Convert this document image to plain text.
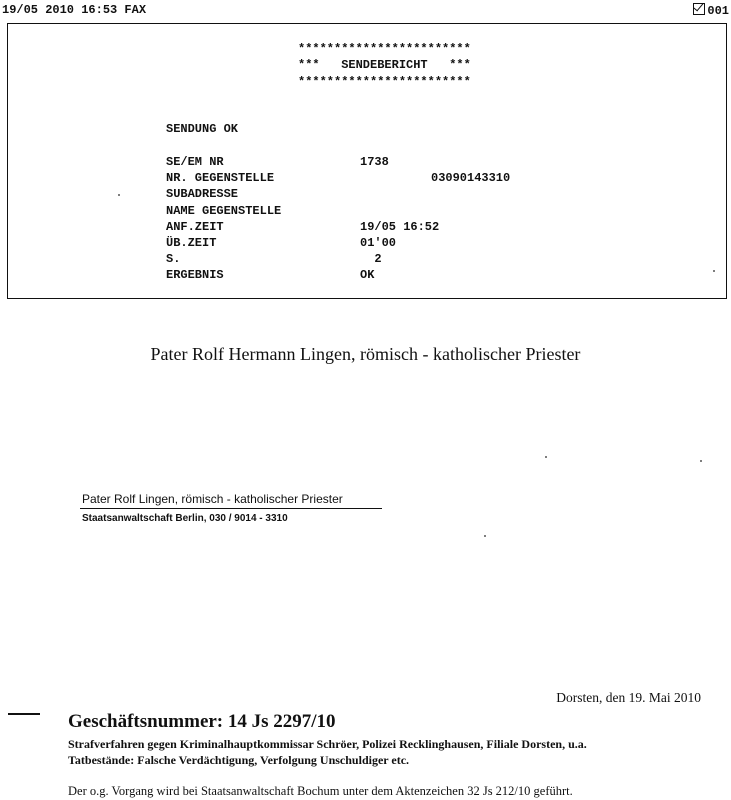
19/05 2010 16:53 FAX	001
************************
***   SENDEBERICHT   ***
************************
SENDUNG OK
SE/EM NR	1738
NR. GEGENSTELLE	03090143310
SUBADRESSE
NAME GEGENSTELLE
ANF.ZEIT	19/05 16:52
ÜB.ZEIT	01'00
S.	2
ERGEBNIS	OK
Pater Rolf Hermann Lingen, römisch - katholischer Priester
Pater Rolf Lingen, römisch - katholischer Priester
Staatsanwaltschaft Berlin, 030 / 9014 - 3310
Dorsten, den 19. Mai 2010
Geschäftsnummer: 14 Js 2297/10
Strafverfahren gegen Kriminalhauptkommissar Schröer, Polizei Recklinghausen, Filiale Dorsten, u.a.
Tatbestände: Falsche Verdächtigung, Verfolgung Unschuldiger etc.
Der o.g. Vorgang wird bei Staatsanwaltschaft Bochum unter dem Aktenzeichen 32 Js 212/10 geführt.
